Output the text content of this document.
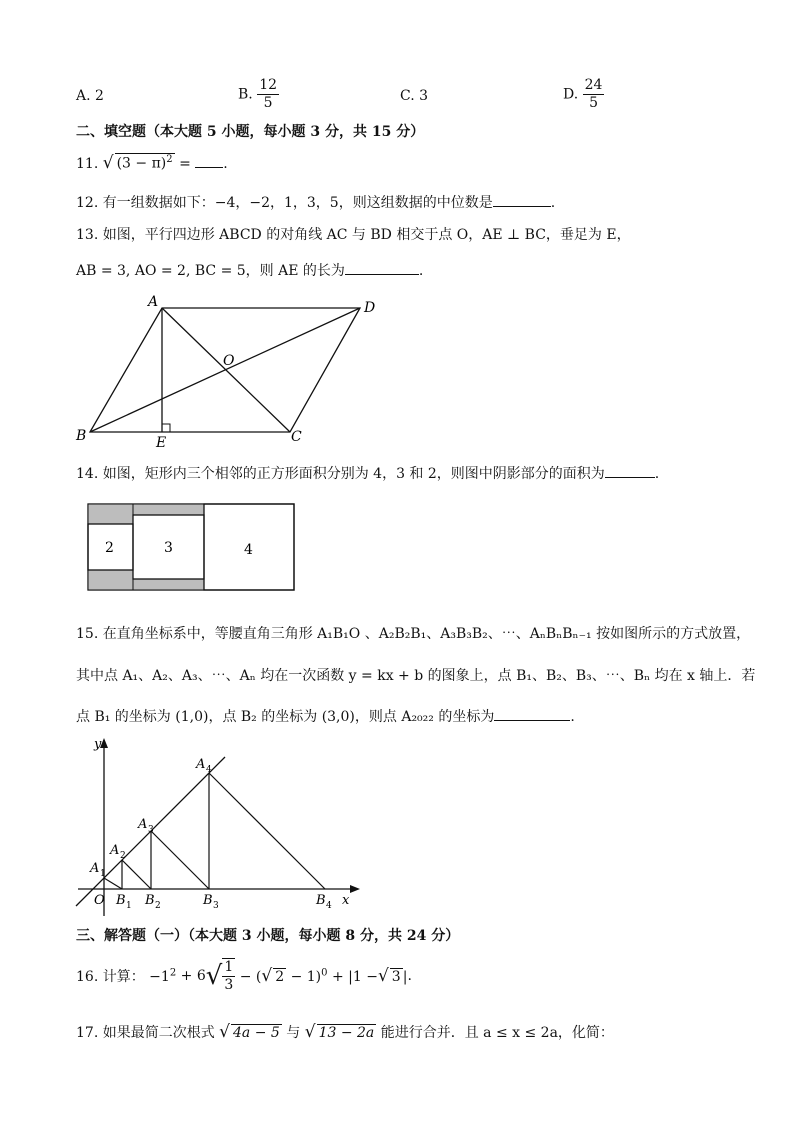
A. 2	B. $\frac{12}{5}$	C. 3	D. $\frac{24}{5}$
二、填空题（本大题 5 小题，每小题 3 分，共 15 分）
11. √ $(3 - \pi)^2$ = .
12. 有一组数据如下：−4，−2，1，3，5，则这组数据的中位数是	.
13. 如图，平行四边形 ABCD 的对角线 AC 与 BD 相交于点 O，AE ⊥ BC，垂足为 E，
AB = 3, AO = 2, BC = 5，则 AE 的长为	.
A	D
B	C
O
E
14. 如图，矩形内三个相邻的正方形面积分别为 4，3 和 2，则图中阴影部分的面积为	.
2	3	4
15. 在直角坐标系中，等腰直角三角形 A₁B₁O 、A₂B₂B₁、A₃B₃B₂、⋯、AₙBₙBₙ₋₁ 按如图所示的方式放置，
其中点 A₁、A₂、A₃、⋯、Aₙ 均在一次函数 y = kx + b 的图象上，点 B₁、B₂、B₃、⋯、Bₙ 均在 x 轴上．若
点 B₁ 的坐标为 (1,0)，点 B₂ 的坐标为 (3,0)，则点 A₂₀₂₂ 的坐标为	.
y
x
O
A 1
A 2
A 3
A 4
B 1 B 2	B 3	B 4
三、解答题（一）（本大题 3 小题，每小题 8 分，共 24 分）
16. 计算： $-1^2 + 6√ \frac{1}{3}$ − (√ 2 − 1)$^0$ + |1 −√ 3 |.
17. 如果最简二次根式 √ 4a − 5 与 √ 13 − 2a 能进行合并．且 a ≤ x ≤ 2a，化简：
